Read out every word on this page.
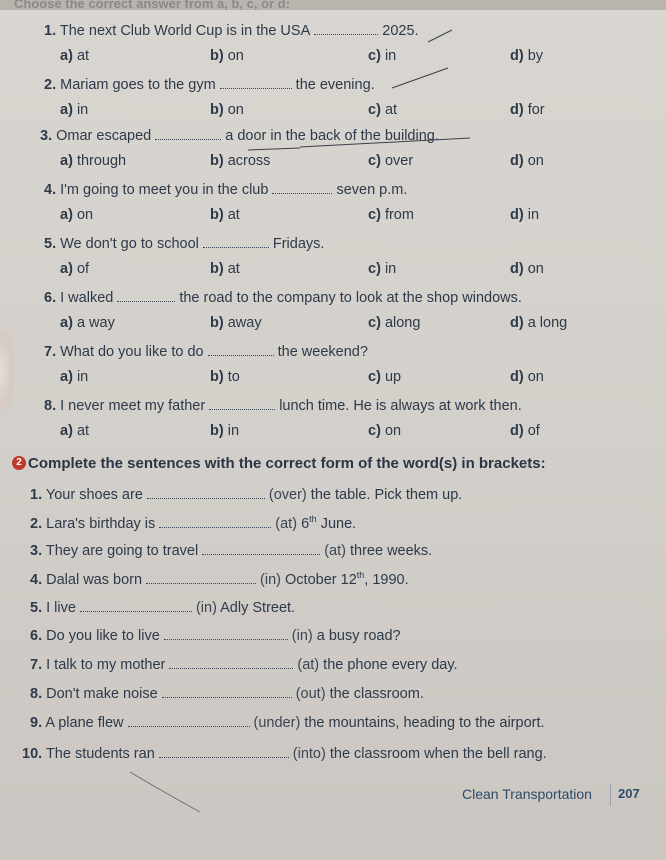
Choose the correct answer from a, b, c, or d:
1. The next Club World Cup is in the USA	2025.
a) at	b) on	c) in	d) by
2. Mariam goes to the gym	the evening.
a) in	b) on	c) at	d) for
3. Omar escaped	a door in the back of the building.
a) through	b) across	c) over	d) on
4. I'm going to meet you in the club	seven p.m.
a) on	b) at	c) from	d) in
5. We don't go to school	Fridays.
a) of	b) at	c) in	d) on
6. I walked	the road to the company to look at the shop windows.
a) a way	b) away	c) along	d) a long
7. What do you like to do	the weekend?
a) in	b) to	c) up	d) on
8. I never meet my father	lunch time. He is always at work then.
a) at	b) in	c) on	d) of
2 Complete the sentences with the correct form of the word(s) in brackets:
1. Your shoes are	(over) the table. Pick them up.
2. Lara's birthday is	(at) 6th June.
3. They are going to travel	(at) three weeks.
4. Dalal was born	(in) October 12th, 1990.
5. I live	(in) Adly Street.
6. Do you like to live	(in) a busy road?
7. I talk to my mother	(at) the phone every day.
8. Don't make noise	(out) the classroom.
9. A plane flew	(under) the mountains, heading to the airport.
10. The students ran	(into) the classroom when the bell rang.
Clean Transportation 207
